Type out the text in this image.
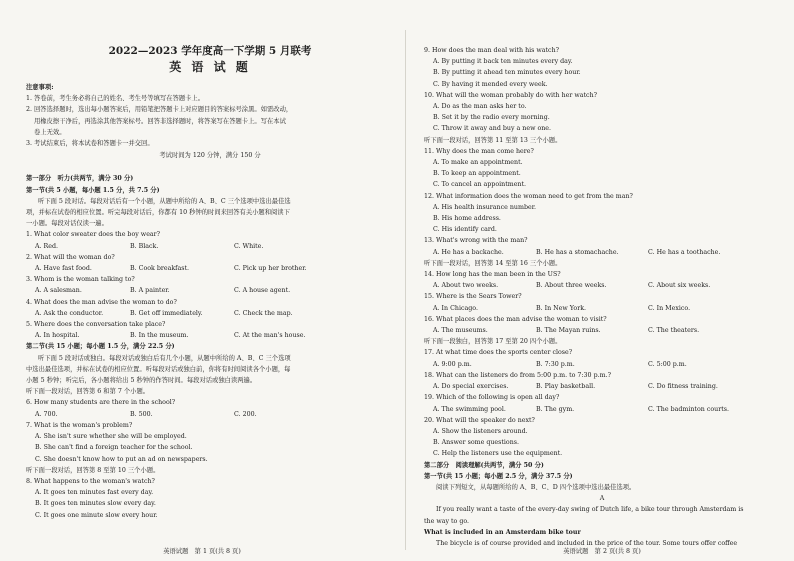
2022—2023 学年度高一下学期 5 月联考
英 语 试 题

注意事项:

1. 答卷前，考生务必将自己的姓名、考生号等填写在答题卡上。

2. 回答选择题时，选出每小题答案后，用铅笔把答题卡上对应题目的答案标号涂黑。如需改动，

用橡皮擦干净后，再选涂其他答案标号。回答非选择题时，将答案写在答题卡上。写在本试

卷上无效。

3. 考试结束后，将本试卷和答题卡一并交回。

考试时间为 120 分钟，满分 150 分
第一部分　听力(共两节，满分 30 分)
第一节(共 5 小题，每小题 1.5 分，共 7.5 分)
听下面 5 段对话。每段对话后有一个小题，从题中所给的 A、B、C 三个选项中选出最佳选
项，并标在试卷的相应位置。听完每段对话后，你都有 10 秒钟的时间来回答有关小题和阅读下
一小题。每段对话仅读一遍。

1. What color sweater does the boy wear?

A. Red.	B. Black.	C. White.

2. What will the woman do?

A. Have fast food.	B. Cook breakfast.	C. Pick up her brother.

3. Whom is the woman talking to?

A. A salesman.	B. A painter.	C. A house agent.

4. What does the man advise the woman to do?

A. Ask the conductor.	B. Get off immediately.	C. Check the map.

5. Where does the conversation take place?

A. In hospital.	B. In the museum.	C. At the man's house.
第二节(共 15 小题；每小题 1.5 分，满分 22.5 分)
听下面 5 段对话或独白。每段对话或独白后有几个小题，从题中所给的 A、B、C 三个选项
中选出最佳选项，并标在试卷的相应位置。听每段对话或独白前，你将有时间阅读各个小题，每
小题 5 秒钟；听完后，各小题将给出 5 秒钟的作答时间。每段对话或独白读两遍。
听下面一段对话，回答第 6 和第 7 个小题。

6. How many students are there in the school?

A. 700.	B. 500.	C. 200.

7. What is the woman's problem?

A. She isn't sure whether she will be employed.

B. She can't find a foreign teacher for the school.

C. She doesn't know how to put an ad on newspapers.

听下面一段对话，回答第 8 至第 10 三个小题。

8. What happens to the woman's watch?

A. It goes ten minutes fast every day.

B. It goes ten minutes slow every day.

C. It goes one minute slow every hour.

英语试题　第 1 页(共 8 页)

9. How does the man deal with his watch?

A. By putting it back ten minutes every day.

B. By putting it ahead ten minutes every hour.

C. By having it mended every week.

10. What will the woman probably do with her watch?

A. Do as the man asks her to.

B. Set it by the radio every morning.

C. Throw it away and buy a new one.

听下面一段对话，回答第 11 至第 13 三个小题。

11. Why does the man come here?

A. To make an appointment.

B. To keep an appointment.

C. To cancel an appointment.

12. What information does the woman need to get from the man?

A. His health insurance number.

B. His home address.

C. His identify card.

13. What's wrong with the man?

A. He has a backache.	B. He has a stomachache.	C. He has a toothache.
听下面一段对话，回答第 14 至第 16 三个小题。

14. How long has the man been in the US?

A. About two weeks.	B. About three weeks.	C. About six weeks.

15. Where is the Sears Tower?

A. In Chicago.	B. In New York.	C. In Mexico.

16. What places does the man advise the woman to visit?

A. The museums.	B. The Mayan ruins.	C. The theaters.
听下面一段独白，回答第 17 至第 20 四个小题。

17. At what time does the sports center close?

A. 9:00 p.m.	B. 7:30 p.m.	C. 5:00 p.m.

18. What can the listeners do from 5:00 p.m. to 7:30 p.m.?

A. Do special exercises.	B. Play basketball.	C. Do fitness training.

19. Which of the following is open all day?

A. The swimming pool.	B. The gym.	C. The badminton courts.

20. What will the speaker do next?

A. Show the listeners around.

B. Answer some questions.

C. Help the listeners use the equipment.

第二部分　阅读理解(共两节，满分 50 分)
第一节(共 15 小题；每小题 2.5 分，满分 37.5 分)
阅读下列短文，从每题所给的 A、B、C、D 四个选项中选出最佳选项。
A
If you really want a taste of the every-day swing of Dutch life, a bike tour through Amsterdam is
the way to go.
What is included in an Amsterdam bike tour
The bicycle is of course provided and included in the price of the tour. Some tours offer coffee
英语试题　第 2 页(共 8 页)
